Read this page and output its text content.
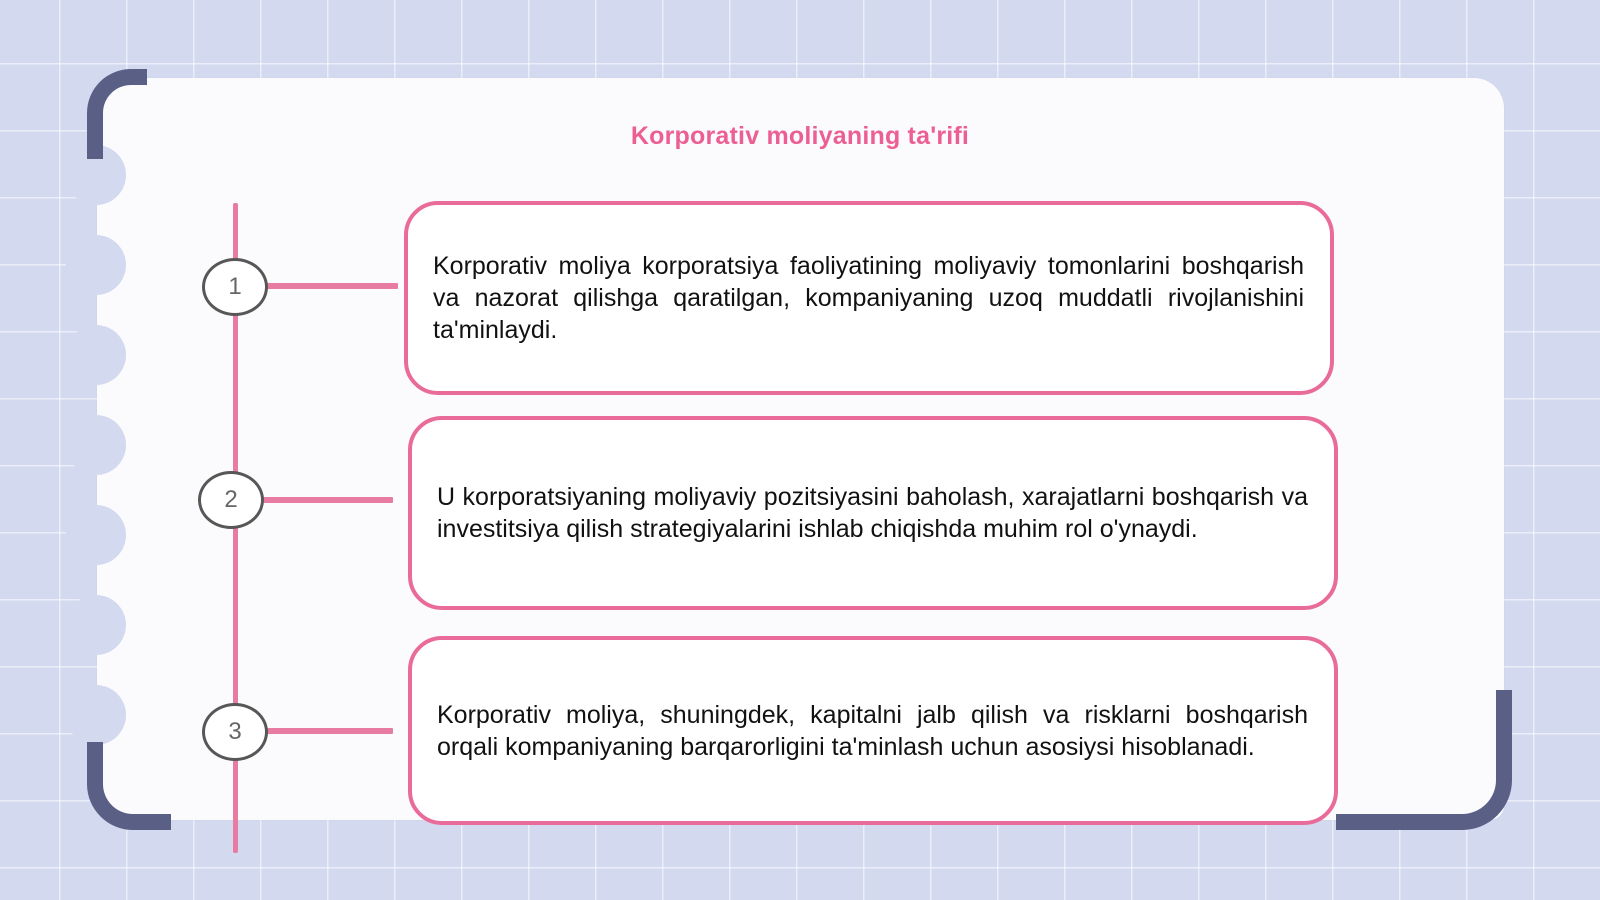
Korporativ moliyaning ta'rifi
1
2
3
Korporativ moliya korporatsiya faoliyatining moliyaviy tomonlarini boshqarish va nazorat qilishga qaratilgan, kompaniyaning uzoq muddatli rivojlanishini ta'minlaydi.
U korporatsiyaning moliyaviy pozitsiyasini baholash, xarajatlarni boshqarish va investitsiya qilish strategiyalarini ishlab chiqishda muhim rol o'ynaydi.
Korporativ moliya, shuningdek, kapitalni jalb qilish va risklarni boshqarish orqali kompaniyaning barqarorligini ta'minlash uchun asosiysi hisoblanadi.
